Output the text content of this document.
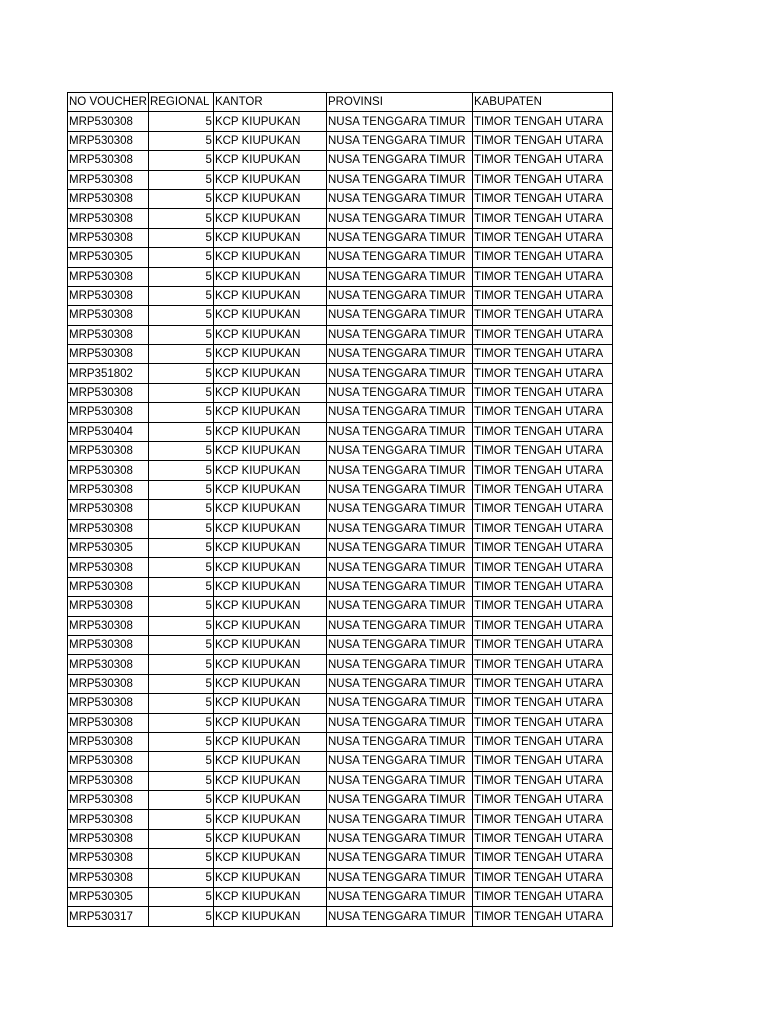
NO VOUCHER	REGIONAL	KANTOR	PROVINSI	KABUPATEN
MRP530308	5	KCP KIUPUKAN	NUSA TENGGARA TIMUR	TIMOR TENGAH UTARA
MRP530308	5	KCP KIUPUKAN	NUSA TENGGARA TIMUR	TIMOR TENGAH UTARA
MRP530308	5	KCP KIUPUKAN	NUSA TENGGARA TIMUR	TIMOR TENGAH UTARA
MRP530308	5	KCP KIUPUKAN	NUSA TENGGARA TIMUR	TIMOR TENGAH UTARA
MRP530308	5	KCP KIUPUKAN	NUSA TENGGARA TIMUR	TIMOR TENGAH UTARA
MRP530308	5	KCP KIUPUKAN	NUSA TENGGARA TIMUR	TIMOR TENGAH UTARA
MRP530308	5	KCP KIUPUKAN	NUSA TENGGARA TIMUR	TIMOR TENGAH UTARA
MRP530305	5	KCP KIUPUKAN	NUSA TENGGARA TIMUR	TIMOR TENGAH UTARA
MRP530308	5	KCP KIUPUKAN	NUSA TENGGARA TIMUR	TIMOR TENGAH UTARA
MRP530308	5	KCP KIUPUKAN	NUSA TENGGARA TIMUR	TIMOR TENGAH UTARA
MRP530308	5	KCP KIUPUKAN	NUSA TENGGARA TIMUR	TIMOR TENGAH UTARA
MRP530308	5	KCP KIUPUKAN	NUSA TENGGARA TIMUR	TIMOR TENGAH UTARA
MRP530308	5	KCP KIUPUKAN	NUSA TENGGARA TIMUR	TIMOR TENGAH UTARA
MRP351802	5	KCP KIUPUKAN	NUSA TENGGARA TIMUR	TIMOR TENGAH UTARA
MRP530308	5	KCP KIUPUKAN	NUSA TENGGARA TIMUR	TIMOR TENGAH UTARA
MRP530308	5	KCP KIUPUKAN	NUSA TENGGARA TIMUR	TIMOR TENGAH UTARA
MRP530404	5	KCP KIUPUKAN	NUSA TENGGARA TIMUR	TIMOR TENGAH UTARA
MRP530308	5	KCP KIUPUKAN	NUSA TENGGARA TIMUR	TIMOR TENGAH UTARA
MRP530308	5	KCP KIUPUKAN	NUSA TENGGARA TIMUR	TIMOR TENGAH UTARA
MRP530308	5	KCP KIUPUKAN	NUSA TENGGARA TIMUR	TIMOR TENGAH UTARA
MRP530308	5	KCP KIUPUKAN	NUSA TENGGARA TIMUR	TIMOR TENGAH UTARA
MRP530308	5	KCP KIUPUKAN	NUSA TENGGARA TIMUR	TIMOR TENGAH UTARA
MRP530305	5	KCP KIUPUKAN	NUSA TENGGARA TIMUR	TIMOR TENGAH UTARA
MRP530308	5	KCP KIUPUKAN	NUSA TENGGARA TIMUR	TIMOR TENGAH UTARA
MRP530308	5	KCP KIUPUKAN	NUSA TENGGARA TIMUR	TIMOR TENGAH UTARA
MRP530308	5	KCP KIUPUKAN	NUSA TENGGARA TIMUR	TIMOR TENGAH UTARA
MRP530308	5	KCP KIUPUKAN	NUSA TENGGARA TIMUR	TIMOR TENGAH UTARA
MRP530308	5	KCP KIUPUKAN	NUSA TENGGARA TIMUR	TIMOR TENGAH UTARA
MRP530308	5	KCP KIUPUKAN	NUSA TENGGARA TIMUR	TIMOR TENGAH UTARA
MRP530308	5	KCP KIUPUKAN	NUSA TENGGARA TIMUR	TIMOR TENGAH UTARA
MRP530308	5	KCP KIUPUKAN	NUSA TENGGARA TIMUR	TIMOR TENGAH UTARA
MRP530308	5	KCP KIUPUKAN	NUSA TENGGARA TIMUR	TIMOR TENGAH UTARA
MRP530308	5	KCP KIUPUKAN	NUSA TENGGARA TIMUR	TIMOR TENGAH UTARA
MRP530308	5	KCP KIUPUKAN	NUSA TENGGARA TIMUR	TIMOR TENGAH UTARA
MRP530308	5	KCP KIUPUKAN	NUSA TENGGARA TIMUR	TIMOR TENGAH UTARA
MRP530308	5	KCP KIUPUKAN	NUSA TENGGARA TIMUR	TIMOR TENGAH UTARA
MRP530308	5	KCP KIUPUKAN	NUSA TENGGARA TIMUR	TIMOR TENGAH UTARA
MRP530308	5	KCP KIUPUKAN	NUSA TENGGARA TIMUR	TIMOR TENGAH UTARA
MRP530308	5	KCP KIUPUKAN	NUSA TENGGARA TIMUR	TIMOR TENGAH UTARA
MRP530308	5	KCP KIUPUKAN	NUSA TENGGARA TIMUR	TIMOR TENGAH UTARA
MRP530305	5	KCP KIUPUKAN	NUSA TENGGARA TIMUR	TIMOR TENGAH UTARA
MRP530317	5	KCP KIUPUKAN	NUSA TENGGARA TIMUR	TIMOR TENGAH UTARA
